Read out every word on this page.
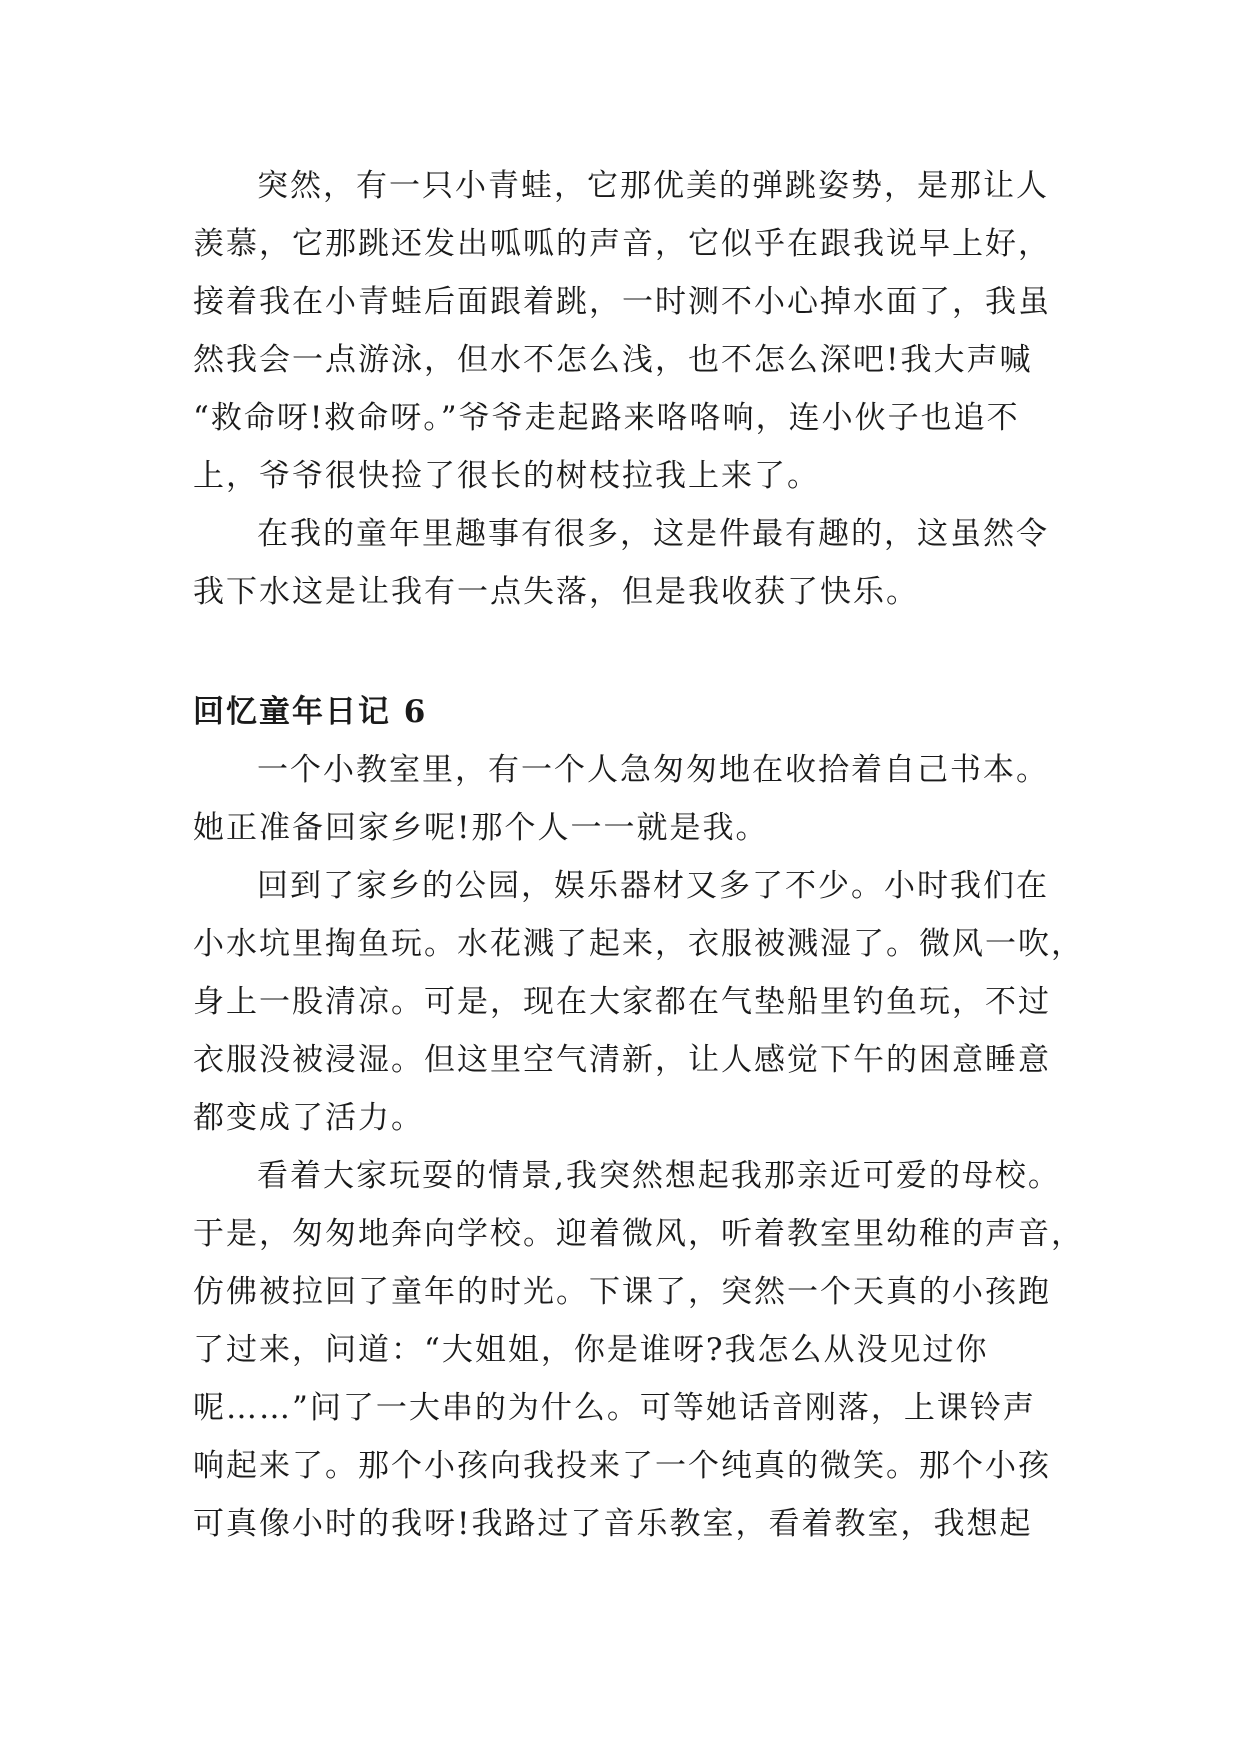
突然，有一只小青蛙，它那优美的弹跳姿势，是那让人
羡慕，它那跳还发出呱呱的声音，它似乎在跟我说早上好，
接着我在小青蛙后面跟着跳，一时测不小心掉水面了，我虽
然我会一点游泳，但水不怎么浅，也不怎么深吧!我大声喊
“救命呀!救命呀。”爷爷走起路来咯咯响，连小伙子也追不
上，爷爷很快捡了很长的树枝拉我上来了。
在我的童年里趣事有很多，这是件最有趣的，这虽然令
我下水这是让我有一点失落，但是我收获了快乐。
回忆童年日记 6
一个小教室里，有一个人急匆匆地在收拾着自己书本。
她正准备回家乡呢!那个人一一就是我。
回到了家乡的公园，娱乐器材又多了不少。小时我们在
小水坑里掏鱼玩。水花溅了起来，衣服被溅湿了。微风一吹，
身上一股清凉。可是，现在大家都在气垫船里钓鱼玩，不过
衣服没被浸湿。但这里空气清新，让人感觉下午的困意睡意
都变成了活力。
看着大家玩耍的情景,我突然想起我那亲近可爱的母校。
于是，匆匆地奔向学校。迎着微风，听着教室里幼稚的声音，
仿佛被拉回了童年的时光。下课了，突然一个天真的小孩跑
了过来，问道：“大姐姐，你是谁呀?我怎么从没见过你
呢……”问了一大串的为什么。可等她话音刚落，上课铃声
响起来了。那个小孩向我投来了一个纯真的微笑。那个小孩
可真像小时的我呀!我路过了音乐教室，看着教室，我想起
